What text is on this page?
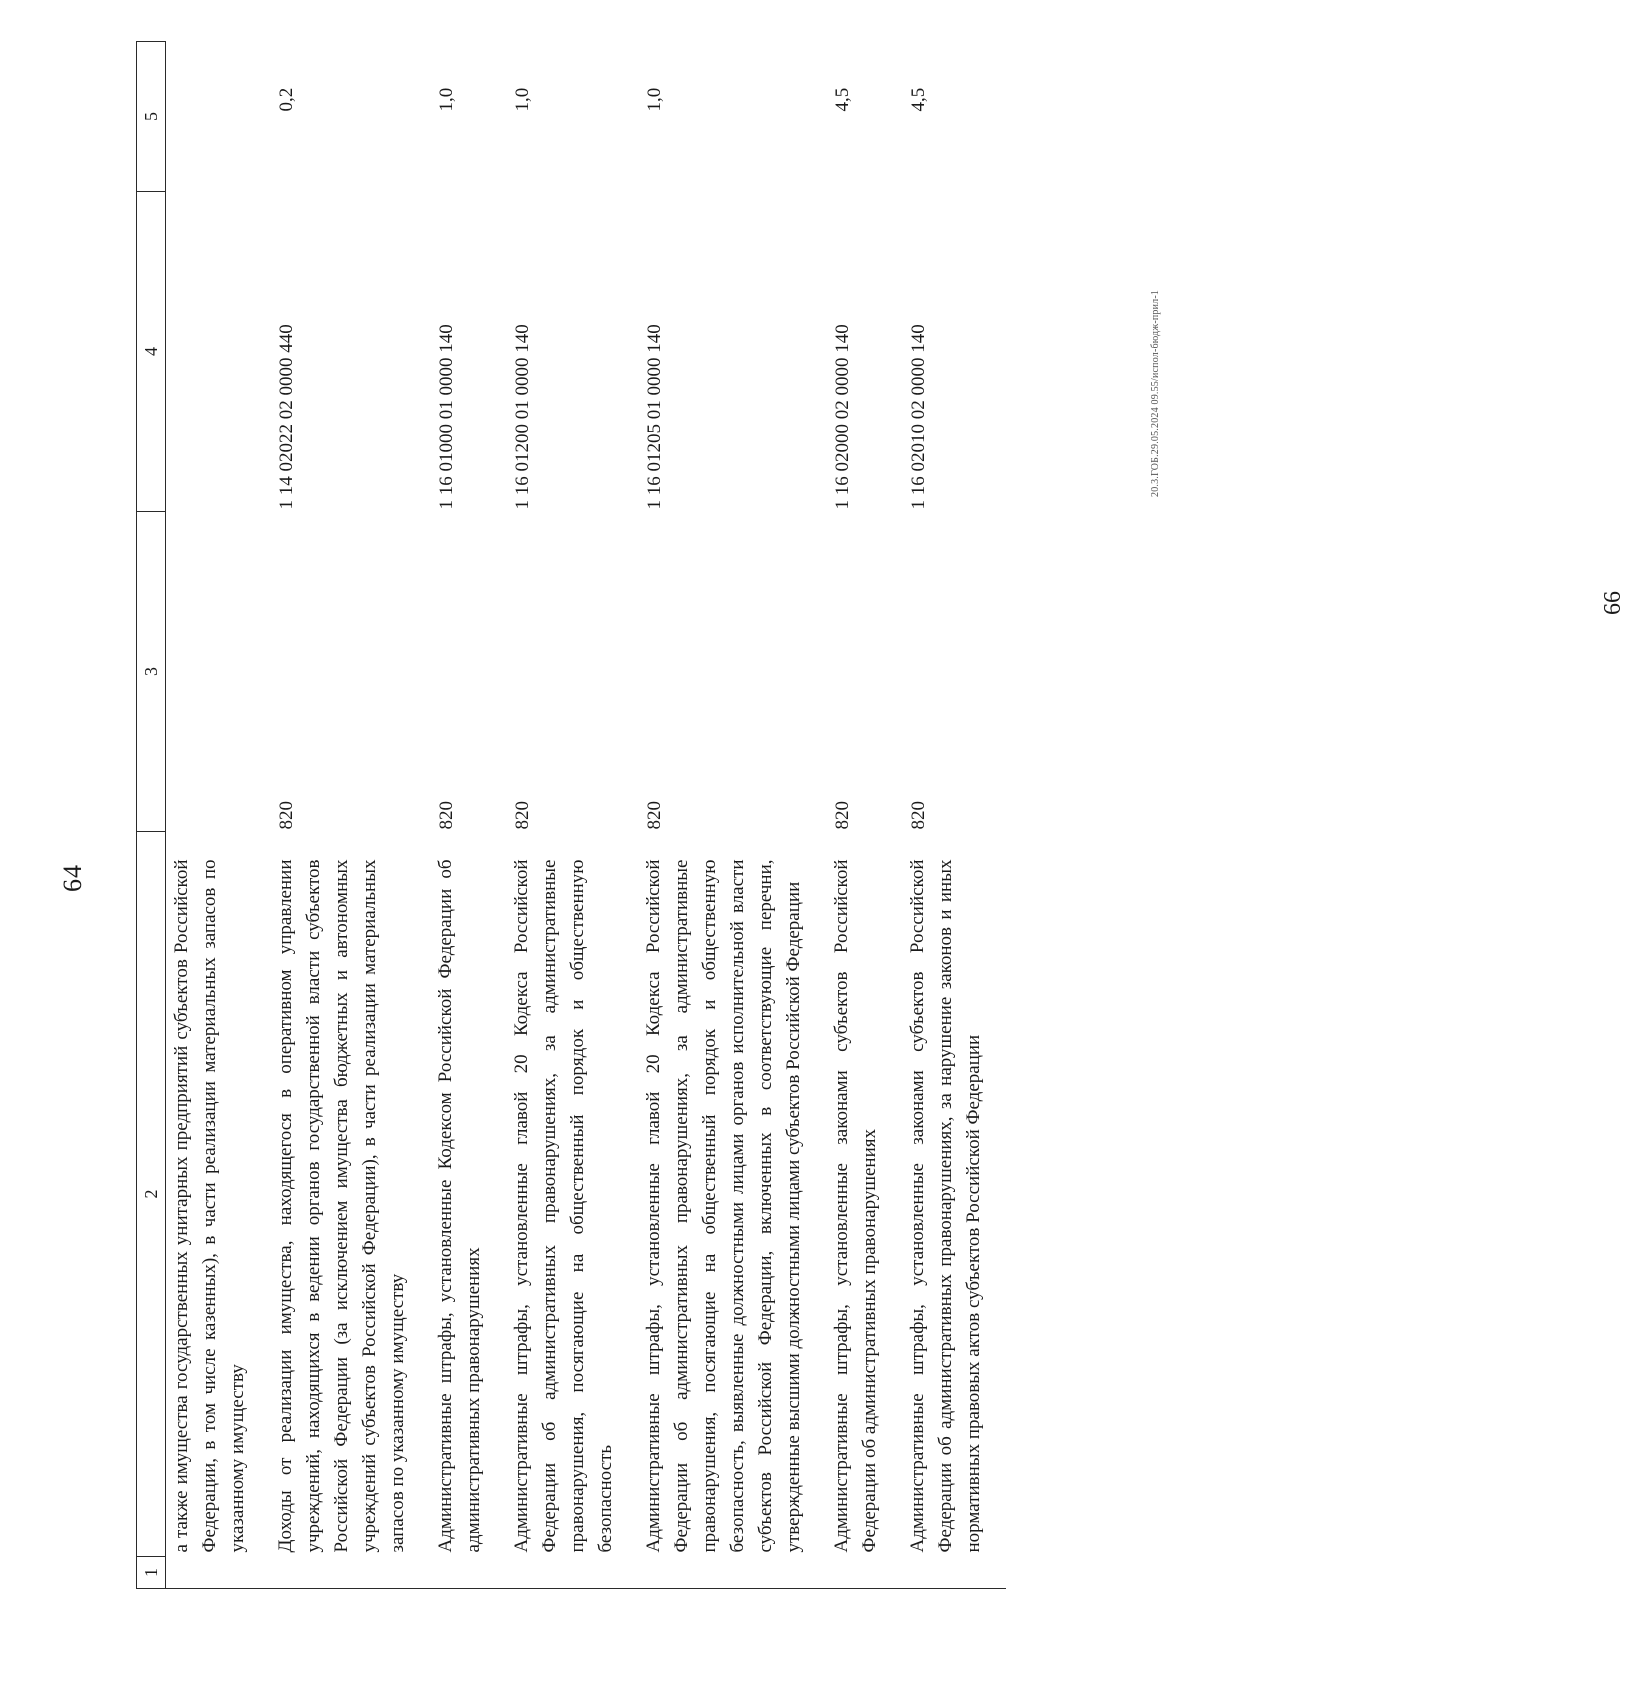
64
1	2	3	4	5
	а также имущества государственных унитарных предприятий субъектов Российской Федерации, в том числе казенных), в части реализации материальных запасов по указанному имуществу			
	Доходы от реализации имущества, находящегося в оперативном управлении учреждений, находящихся в ведении органов государственной власти субъектов Российской Федерации (за исключением имущества бюджетных и автономных учреждений субъектов Российской Федерации), в части реализации материальных запасов по указанному имуществу	820	1 14 02022 02 0000 440	0,2
	Административные штрафы, установленные Кодексом Российской Федерации об административных правонарушениях	820	1 16 01000 01 0000 140	1,0
	Административные штрафы, установленные главой 20 Кодекса Российской Федерации об административных правонарушениях, за административные правонарушения, посягающие на общественный порядок и общественную безопасность	820	1 16 01200 01 0000 140	1,0
	Административные штрафы, установленные главой 20 Кодекса Российской Федерации об административных правонарушениях, за административные правонарушения, посягающие на общественный порядок и общественную безопасность, выявленные должностными лицами органов исполнительной власти субъектов Российской Федерации, включенных в соответствующие перечни, утвержденные высшими должностными лицами субъектов Российской Федерации	820	1 16 01205 01 0000 140	1,0
	Административные штрафы, установленные законами субъектов Российской Федерации об административных правонарушениях	820	1 16 02000 02 0000 140	4,5
	Административные штрафы, установленные законами субъектов Российской Федерации об административных правонарушениях, за нарушение законов и иных нормативных правовых актов субъектов Российской Федерации	820	1 16 02010 02 0000 140	4,5
20.3.ГОБ.29.05.2024 09.55/испол-бюдж-прил-1
66
